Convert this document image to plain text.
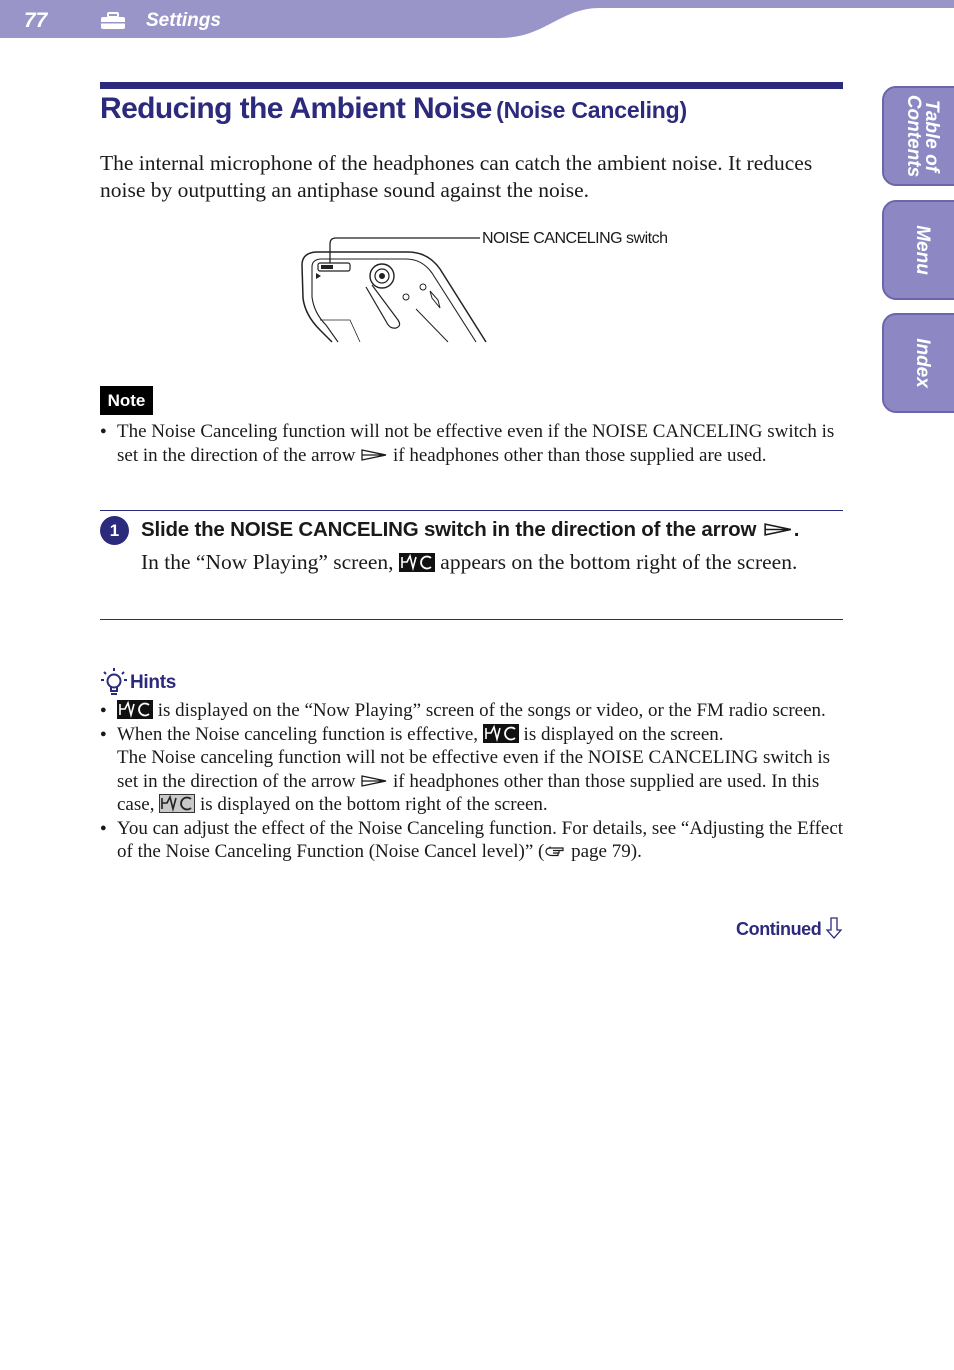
77	Settings
Table of
Contents
Menu
Index
Reducing the Ambient Noise (Noise Canceling)
The internal microphone of the headphones can catch the ambient noise. It reduces noise by outputting an antiphase sound against the noise.
NOISE CANCELING switch
Note
● The Noise Canceling function will not be effective even if the NOISE CANCELING switch is set in the direction of the arrow if headphones other than those supplied are used.
1	Slide the NOISE CANCELING switch in the direction of the arrow .
In the “Now Playing” screen, appears on the bottom right of the screen.
Hints
● is displayed on the “Now Playing” screen of the songs or video, or the FM radio screen.
● When the Noise canceling function is effective, is displayed on the screen.
The Noise canceling function will not be effective even if the NOISE CANCELING switch is set in the direction of the arrow if headphones other than those supplied are used. In this case, is displayed on the bottom right of the screen.
● You can adjust the effect of the Noise Canceling function. For details, see “Adjusting the Effect of the Noise Canceling Function (Noise Cancel level)” ( page 79).
Continued
